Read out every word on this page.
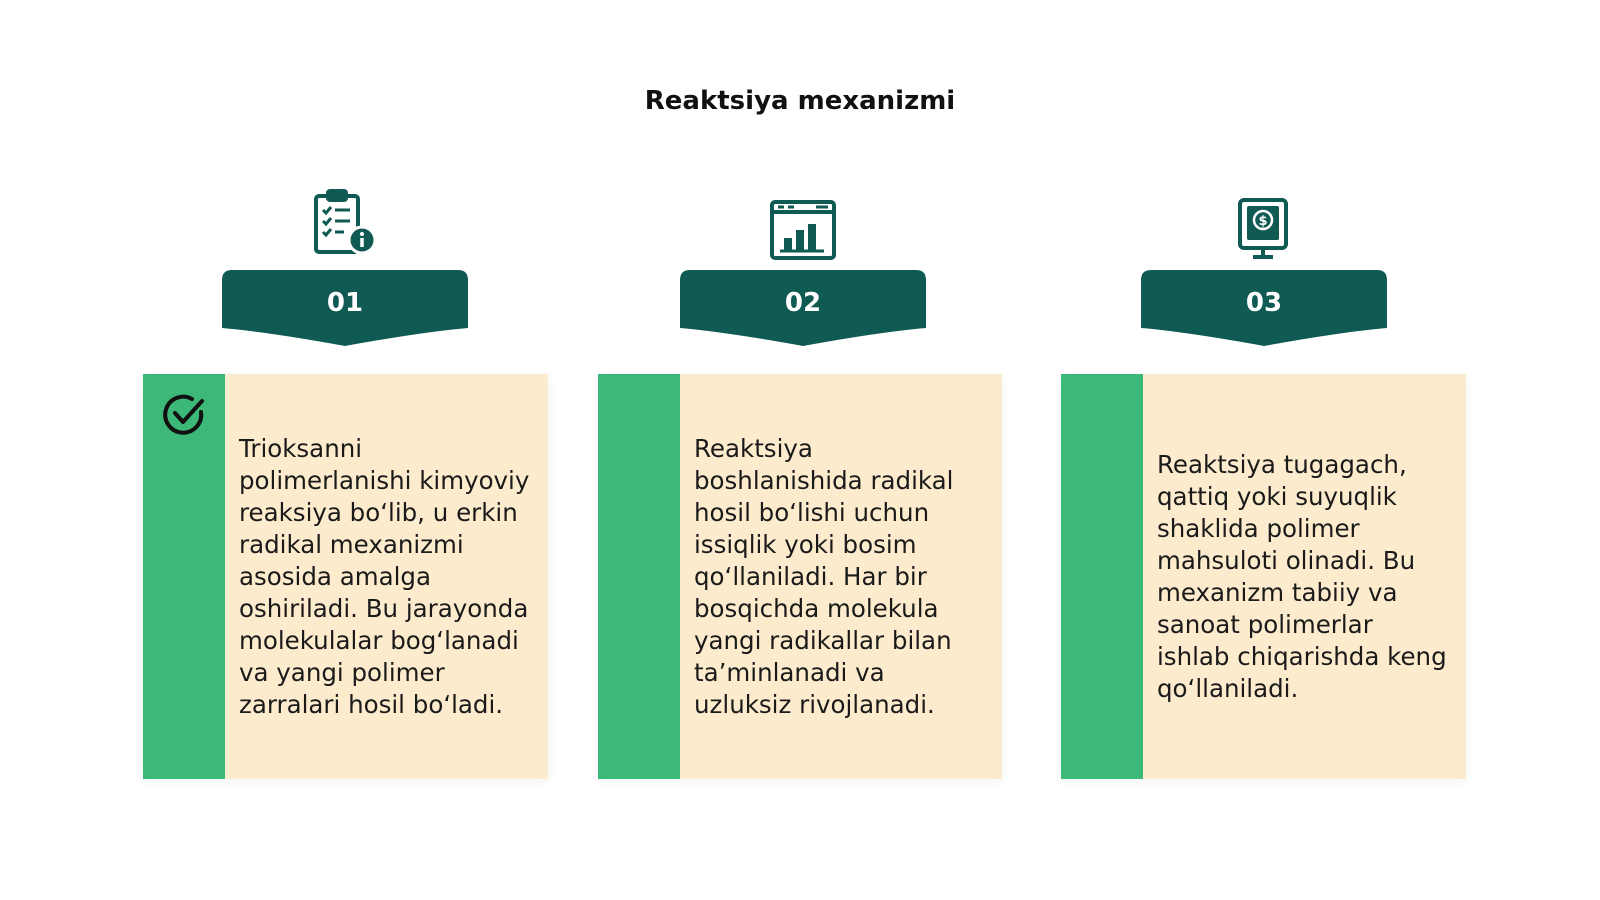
Reaktsiya mexanizmi
01

Trioksanni polimerlanishi kimyoviy reaksiya bo‘lib, u erkin radikal mexanizmi asosida amalga oshiriladi. Bu jarayonda molekulalar bog‘lanadi va yangi polimer zarralari hosil bo‘ladi.

02

Reaktsiya boshlanishida radikal hosil bo‘lishi uchun issiqlik yoki bosim qo‘llaniladi. Har bir bosqichda molekula yangi radikallar bilan ta’minlanadi va uzluksiz rivojlanadi.

$
03

Reaktsiya tugagach, qattiq yoki suyuqlik shaklida polimer mahsuloti olinadi. Bu mexanizm tabiiy va sanoat polimerlar ishlab chiqarishda keng qo‘llaniladi.
